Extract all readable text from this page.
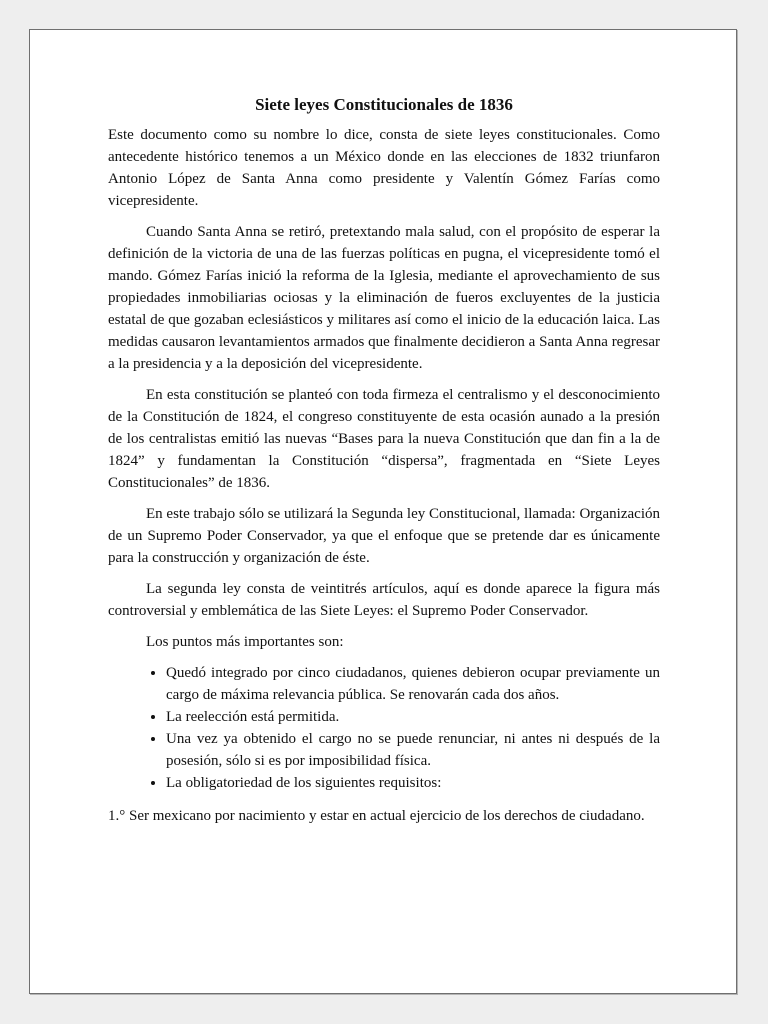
Siete leyes Constitucionales de 1836

Este documento como su nombre lo dice, consta de siete leyes constitucionales. Como antecedente histórico tenemos a un México donde en las elecciones de 1832 triunfaron Antonio López de Santa Anna como presidente y Valentín Gómez Farías como vicepresidente.

Cuando Santa Anna se retiró, pretextando mala salud, con el propósito de esperar la definición de la victoria de una de las fuerzas políticas en pugna, el vicepresidente tomó el mando. Gómez Farías inició la reforma de la Iglesia, mediante el aprovechamiento de sus propiedades inmobiliarias ociosas y la eliminación de fueros excluyentes de la justicia estatal de que gozaban eclesiásticos y militares así como el inicio de la educación laica. Las medidas causaron levantamientos armados que finalmente decidieron a Santa Anna regresar a la presidencia y a la deposición del vicepresidente.

En esta constitución se planteó con toda firmeza el centralismo y el desconocimiento de la Constitución de 1824, el congreso constituyente de esta ocasión aunado a la presión de los centralistas emitió las nuevas “Bases para la nueva Constitución que dan fin a la de 1824” y fundamentan la Constitución “dispersa”, fragmentada en “Siete Leyes Constitucionales” de 1836.

En este trabajo sólo se utilizará la Segunda ley Constitucional, llamada: Organización de un Supremo Poder Conservador, ya que el enfoque que se pretende dar es únicamente para la construcción y organización de éste.

La segunda ley consta de veintitrés artículos, aquí es donde aparece la figura más controversial y emblemática de las Siete Leyes: el Supremo Poder Conservador.

Los puntos más importantes son:

• Quedó integrado por cinco ciudadanos, quienes debieron ocupar previamente un cargo de máxima relevancia pública. Se renovarán cada dos años.
• La reelección está permitida.
• Una vez ya obtenido el cargo no se puede renunciar, ni antes ni después de la posesión, sólo si es por imposibilidad física.
• La obligatoriedad de los siguientes requisitos:

1.° Ser mexicano por nacimiento y estar en actual ejercicio de los derechos de ciudadano.
